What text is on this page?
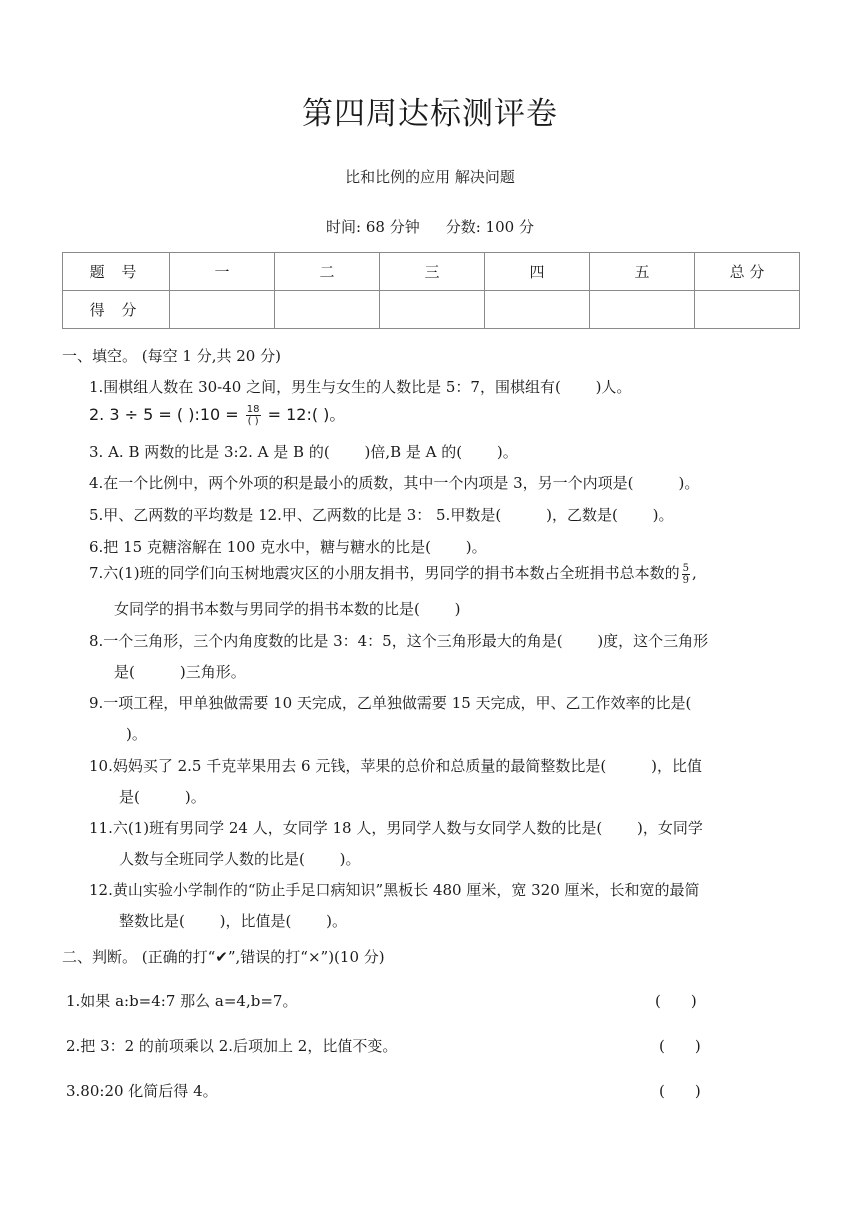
第四周达标测评卷
比和比例的应用 解决问题
时间: 68 分钟 分数: 100 分
题 号	一	二	三	四	五	总 分
得 分						
一、填空。 (每空 1 分,共 20 分)
1.围棋组人数在 30-40 之间，男生与女生的人数比是 5：7，围棋组有(　　 )人。
2. 3 ÷ 5 = ( ):10 = $\frac{18}{( )}$ = 12:( )。
3. A. B 两数的比是 3:2. A 是 B 的(　　 )倍,B 是 A 的(　　 )。
4.在一个比例中，两个外项的积是最小的质数，其中一个内项是 3，另一个内项是(　　　)。
5.甲、乙两数的平均数是 12.甲、乙两数的比是 3： 5.甲数是(　　　)，乙数是(　　 )。
6.把 15 克糖溶解在 100 克水中，糖与糖水的比是(　　 )。
7.六(1)班的同学们向玉树地震灾区的小朋友捐书，男同学的捐书本数占全班捐书总本数的 $\frac{5}{9}$ ,
女同学的捐书本数与男同学的捐书本数的比是(　　 )
8.一个三角形，三个内角度数的比是 3：4：5，这个三角形最大的角是(　　 )度，这个三角形
是(　　　)三角形。
9.一项工程，甲单独做需要 10 天完成，乙单独做需要 15 天完成，甲、乙工作效率的比是(
)。
10.妈妈买了 2.5 千克苹果用去 6 元钱，苹果的总价和总质量的最简整数比是(　　　)，比值
是(　　　)。
11.六(1)班有男同学 24 人，女同学 18 人，男同学人数与女同学人数的比是(　　 )，女同学
人数与全班同学人数的比是(　　 )。
12.黄山实验小学制作的“防止手足口病知识”黑板长 480 厘米，宽 320 厘米，长和宽的最简
整数比是(　　 )，比值是(　　 )。
二、判断。 (正确的打“✔”,错误的打“×”)(10 分)
1.如果 a:b=4:7 那么 a=4,b=7。	(　　)
2.把 3：2 的前项乘以 2.后项加上 2，比值不变。	(　　)
3.80:20 化简后得 4。	(　　)
